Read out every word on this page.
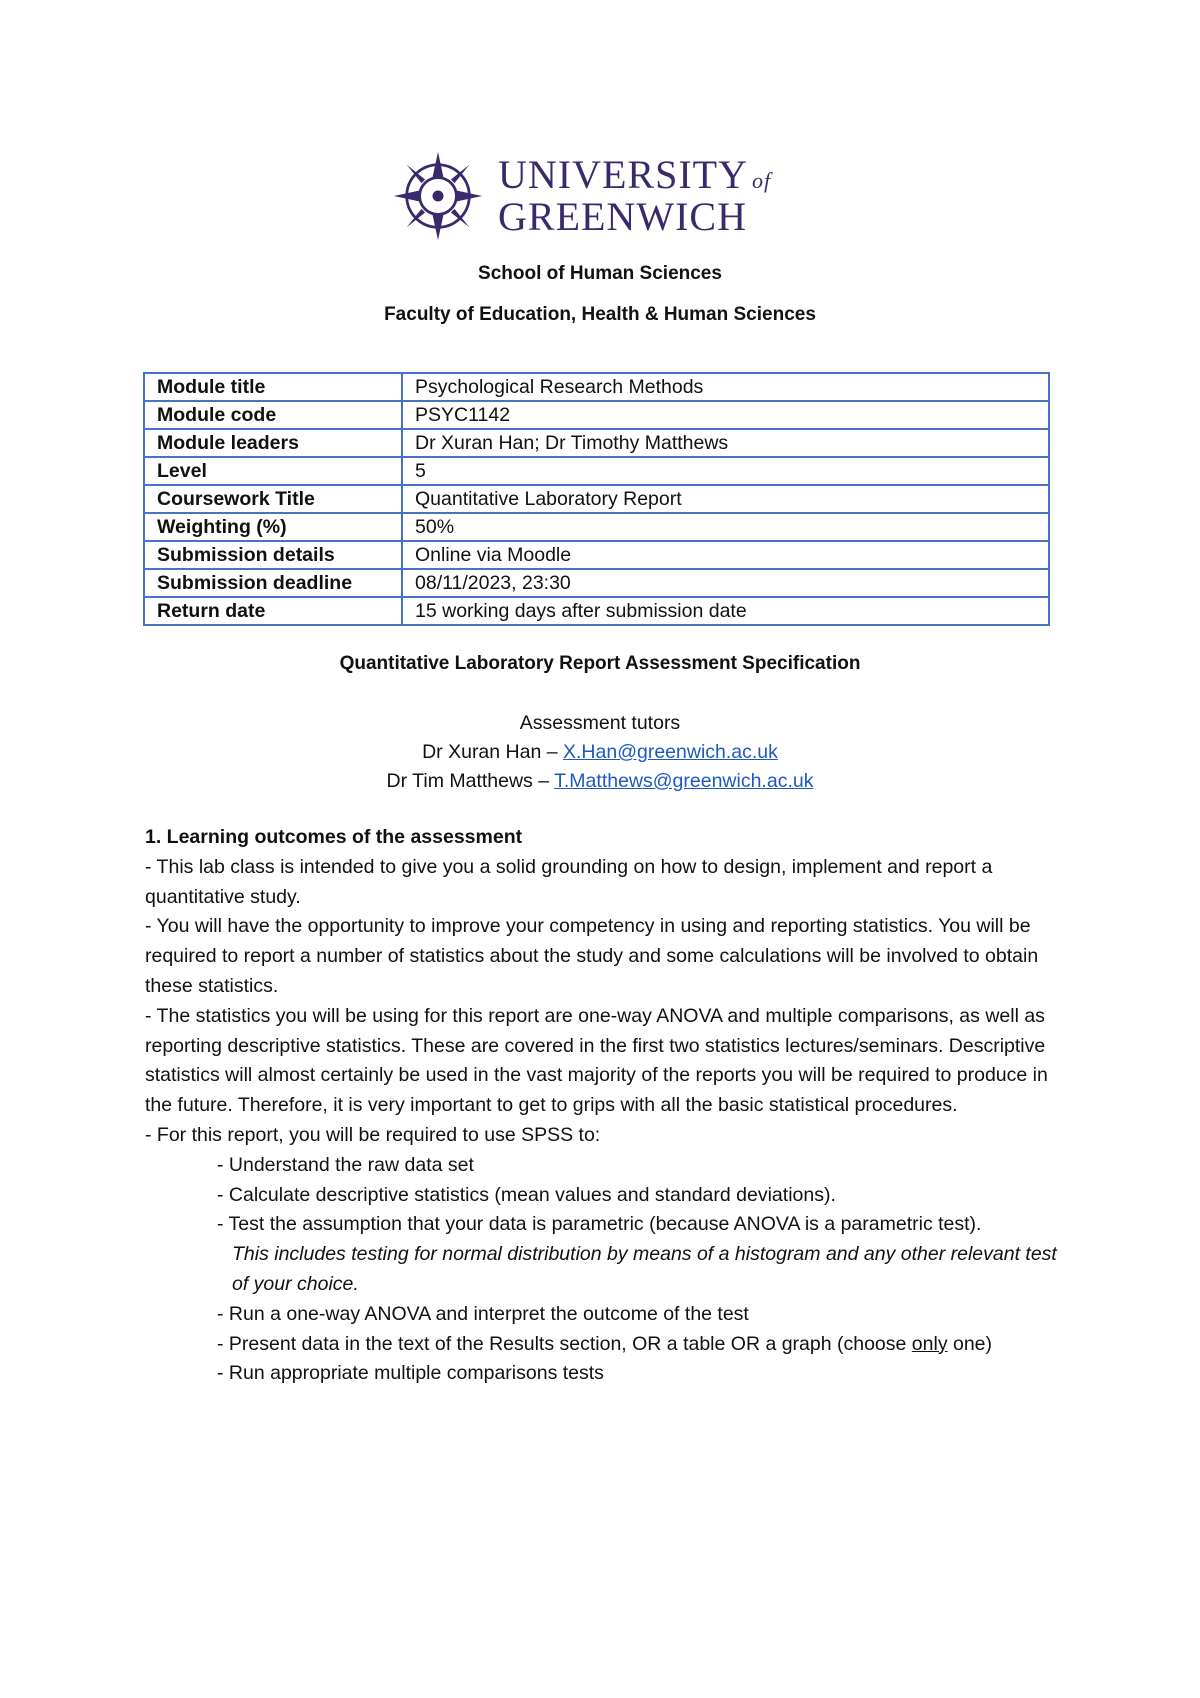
UNIVERSITY of
GREENWICH
School of Human Sciences
Faculty of Education, Health & Human Sciences
Module title	Psychological Research Methods
Module code	PSYC1142
Module leaders	Dr Xuran Han; Dr Timothy Matthews
Level	5
Coursework Title	Quantitative Laboratory Report
Weighting (%)	50%
Submission details	Online via Moodle
Submission deadline	08/11/2023, 23:30
Return date	15 working days after submission date
Quantitative Laboratory Report Assessment Specification
Assessment tutors
Dr Xuran Han – X.Han@greenwich.ac.uk
Dr Tim Matthews – T.Matthews@greenwich.ac.uk
1. Learning outcomes of the assessment
- This lab class is intended to give you a solid grounding on how to design, implement and report a quantitative study.
- You will have the opportunity to improve your competency in using and reporting statistics. You will be required to report a number of statistics about the study and some calculations will be involved to obtain these statistics.
- The statistics you will be using for this report are one-way ANOVA and multiple comparisons, as well as reporting descriptive statistics. These are covered in the first two statistics lectures/seminars. Descriptive statistics will almost certainly be used in the vast majority of the reports you will be required to produce in the future. Therefore, it is very important to get to grips with all the basic statistical procedures.
- For this report, you will be required to use SPSS to:
- Understand the raw data set
- Calculate descriptive statistics (mean values and standard deviations).
- Test the assumption that your data is parametric (because ANOVA is a parametric test).
This includes testing for normal distribution by means of a histogram and any other relevant test of your choice.
- Run a one-way ANOVA and interpret the outcome of the test
- Present data in the text of the Results section, OR a table OR a graph (choose only one)
- Run appropriate multiple comparisons tests
